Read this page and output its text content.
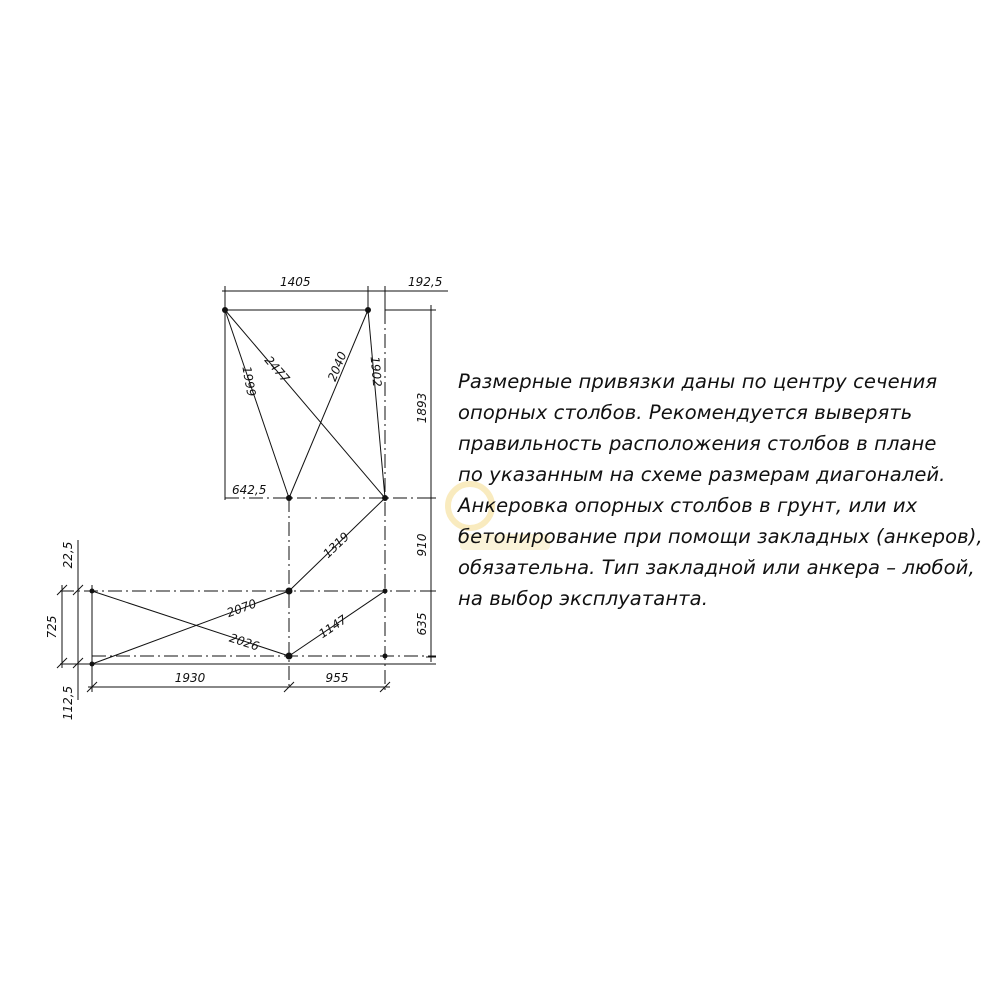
1405	192,5
642,5
1893
910
635
22,5
725
112,5
1930	955
1999 2477	2040 1902
1319
2070
2026
1147
Размерные привязки даны по центру сечения
опорных столбов. Рекомендуется выверять
правильность расположения столбов в плане
по указанным на схеме размерам диагоналей.
Анкеровка опорных столбов в грунт, или их
бетонирование при помощи закладных (анкеров),
обязательна. Тип закладной или анкера – любой,
на выбор эксплуатанта.
